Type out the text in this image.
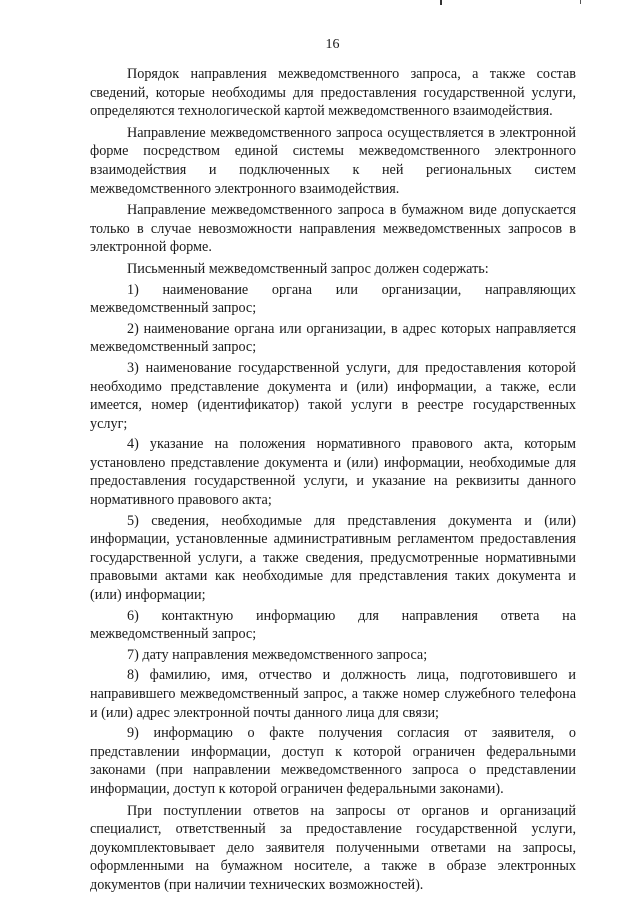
16

Порядок направления межведомственного запроса, а также состав сведений, которые необходимы для предоставления государственной услуги, определяются технологической картой межведомственного взаимодействия.

Направление межведомственного запроса осуществляется в электронной форме посредством единой системы межведомственного электронного взаимодействия и подключенных к ней региональных систем межведомственного электронного взаимодействия.

Направление межведомственного запроса в бумажном виде допускается только в случае невозможности направления межведомственных запросов в электронной форме.

Письменный межведомственный запрос должен содержать:

1) наименование органа или организации, направляющих межведомственный запрос;

2) наименование органа или организации, в адрес которых направляется межведомственный запрос;

3) наименование государственной услуги, для предоставления которой необходимо представление документа и (или) информации, а также, если имеется, номер (идентификатор) такой услуги в реестре государственных услуг;

4) указание на положения нормативного правового акта, которым установлено представление документа и (или) информации, необходимые для предоставления государственной услуги, и указание на реквизиты данного нормативного правового акта;

5) сведения, необходимые для представления документа и (или) информации, установленные административным регламентом предоставления государственной услуги, а также сведения, предусмотренные нормативными правовыми актами как необходимые для представления таких документа и (или) информации;

6) контактную информацию для направления ответа на межведомственный запрос;

7) дату направления межведомственного запроса;

8) фамилию, имя, отчество и должность лица, подготовившего и направившего межведомственный запрос, а также номер служебного телефона и (или) адрес электронной почты данного лица для связи;

9) информацию о факте получения согласия от заявителя, о представлении информации, доступ к которой ограничен федеральными законами (при направлении межведомственного запроса о представлении информации, доступ к которой ограничен федеральными законами).

При поступлении ответов на запросы от органов и организаций специалист, ответственный за предоставление государственной услуги, доукомплектовывает дело заявителя полученными ответами на запросы, оформленными на бумажном носителе, а также в образе электронных документов (при наличии технических возможностей).
